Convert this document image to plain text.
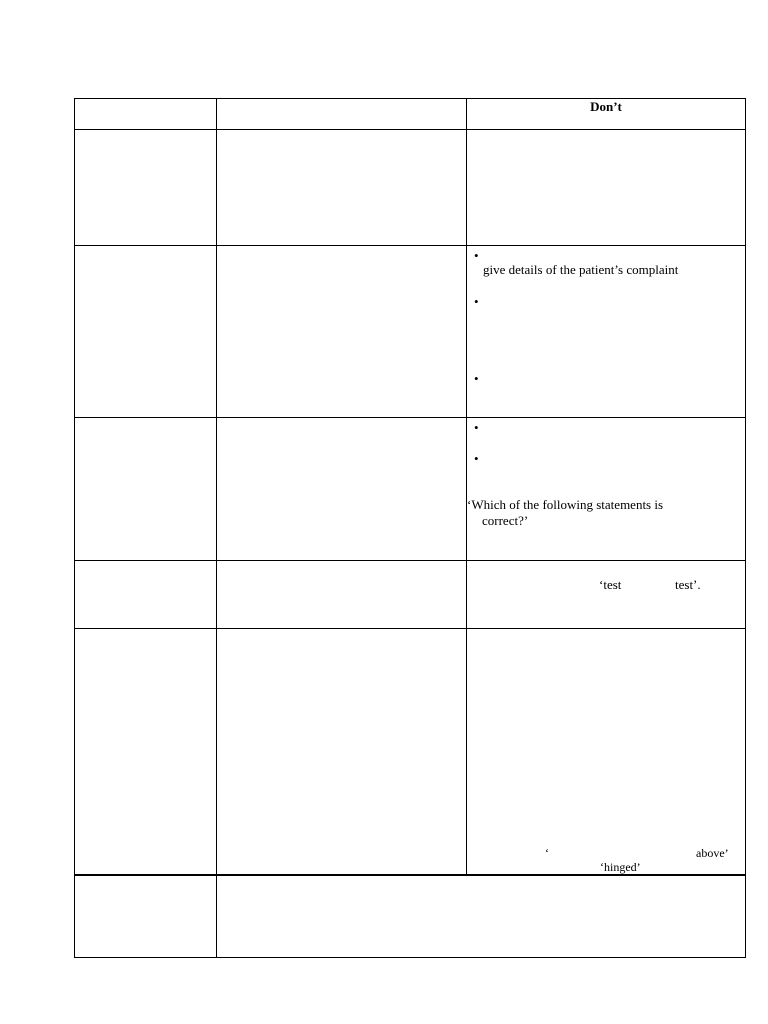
Don’t
•
give details of the patient’s complaint
•
•
•
•
‘Which of the following statements is
correct?’
‘test	test’.
‘	above’
‘hinged’
